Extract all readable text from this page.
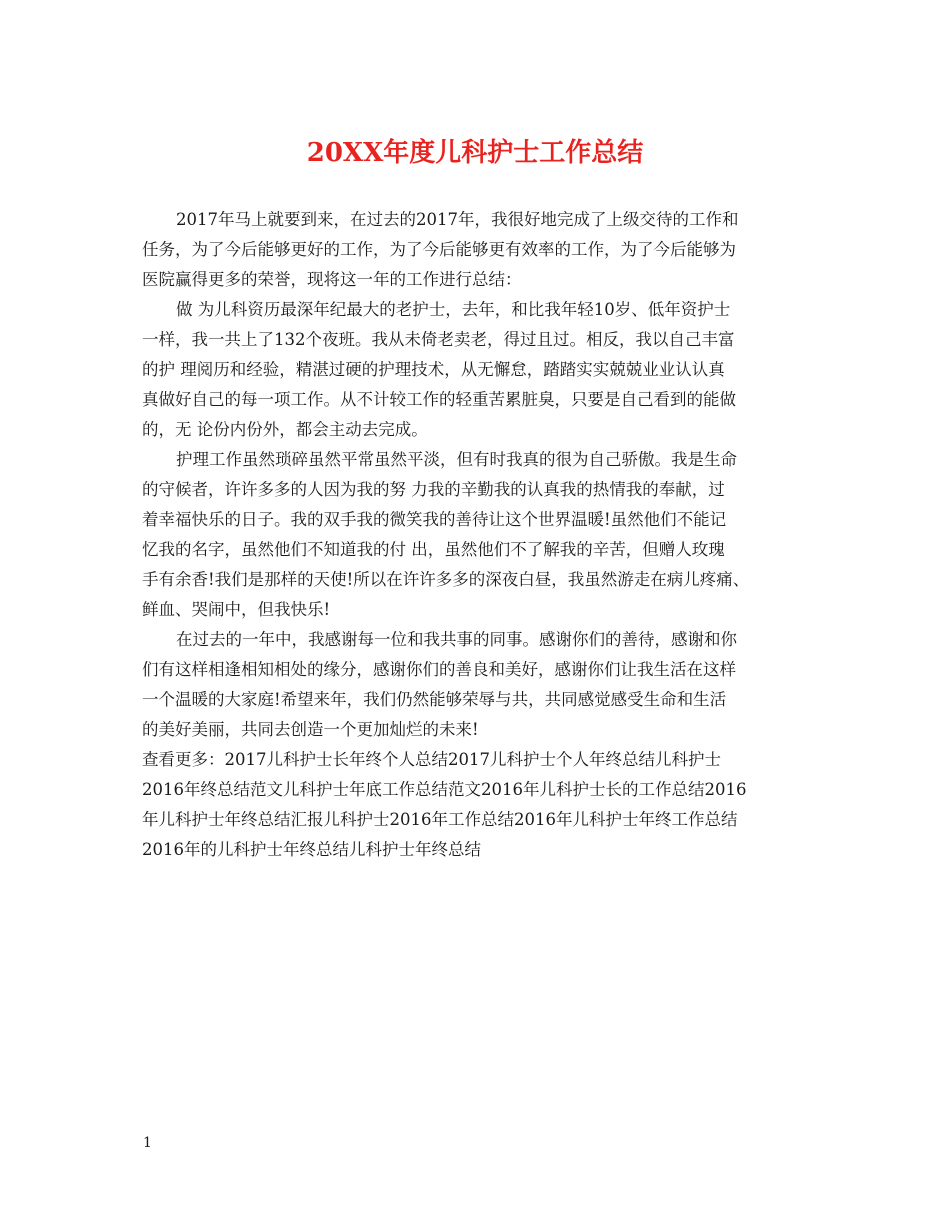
20XX年度儿科护士工作总结
2017年马上就要到来，在过去的2017年，我很好地完成了上级交待的工作和
任务，为了今后能够更好的工作，为了今后能够更有效率的工作，为了今后能够为
医院赢得更多的荣誉，现将这一年的工作进行总结：
做 为儿科资历最深年纪最大的老护士，去年，和比我年轻10岁、低年资护士
一样，我一共上了132个夜班。我从未倚老卖老，得过且过。相反，我以自己丰富
的护 理阅历和经验，精湛过硬的护理技术，从无懈怠，踏踏实实兢兢业业认认真
真做好自己的每一项工作。从不计较工作的轻重苦累脏臭，只要是自己看到的能做
的，无 论份内份外，都会主动去完成。
护理工作虽然琐碎虽然平常虽然平淡，但有时我真的很为自己骄傲。我是生命
的守候者，许许多多的人因为我的努 力我的辛勤我的认真我的热情我的奉献，过
着幸福快乐的日子。我的双手我的微笑我的善待让这个世界温暖!虽然他们不能记
忆我的名字，虽然他们不知道我的付 出，虽然他们不了解我的辛苦，但赠人玫瑰
手有余香!我们是那样的天使!所以在许许多多的深夜白昼，我虽然游走在病儿疼痛、
鲜血、哭闹中，但我快乐!
在过去的一年中，我感谢每一位和我共事的同事。感谢你们的善待，感谢和你
们有这样相逢相知相处的缘分，感谢你们的善良和美好，感谢你们让我生活在这样
一个温暖的大家庭!希望来年，我们仍然能够荣辱与共，共同感觉感受生命和生活
的美好美丽，共同去创造一个更加灿烂的未来!
查看更多：2017儿科护士长年终个人总结2017儿科护士个人年终总结儿科护士
2016年终总结范文儿科护士年底工作总结范文2016年儿科护士长的工作总结2016
年儿科护士年终总结汇报儿科护士2016年工作总结2016年儿科护士年终工作总结
2016年的儿科护士年终总结儿科护士年终总结
1
